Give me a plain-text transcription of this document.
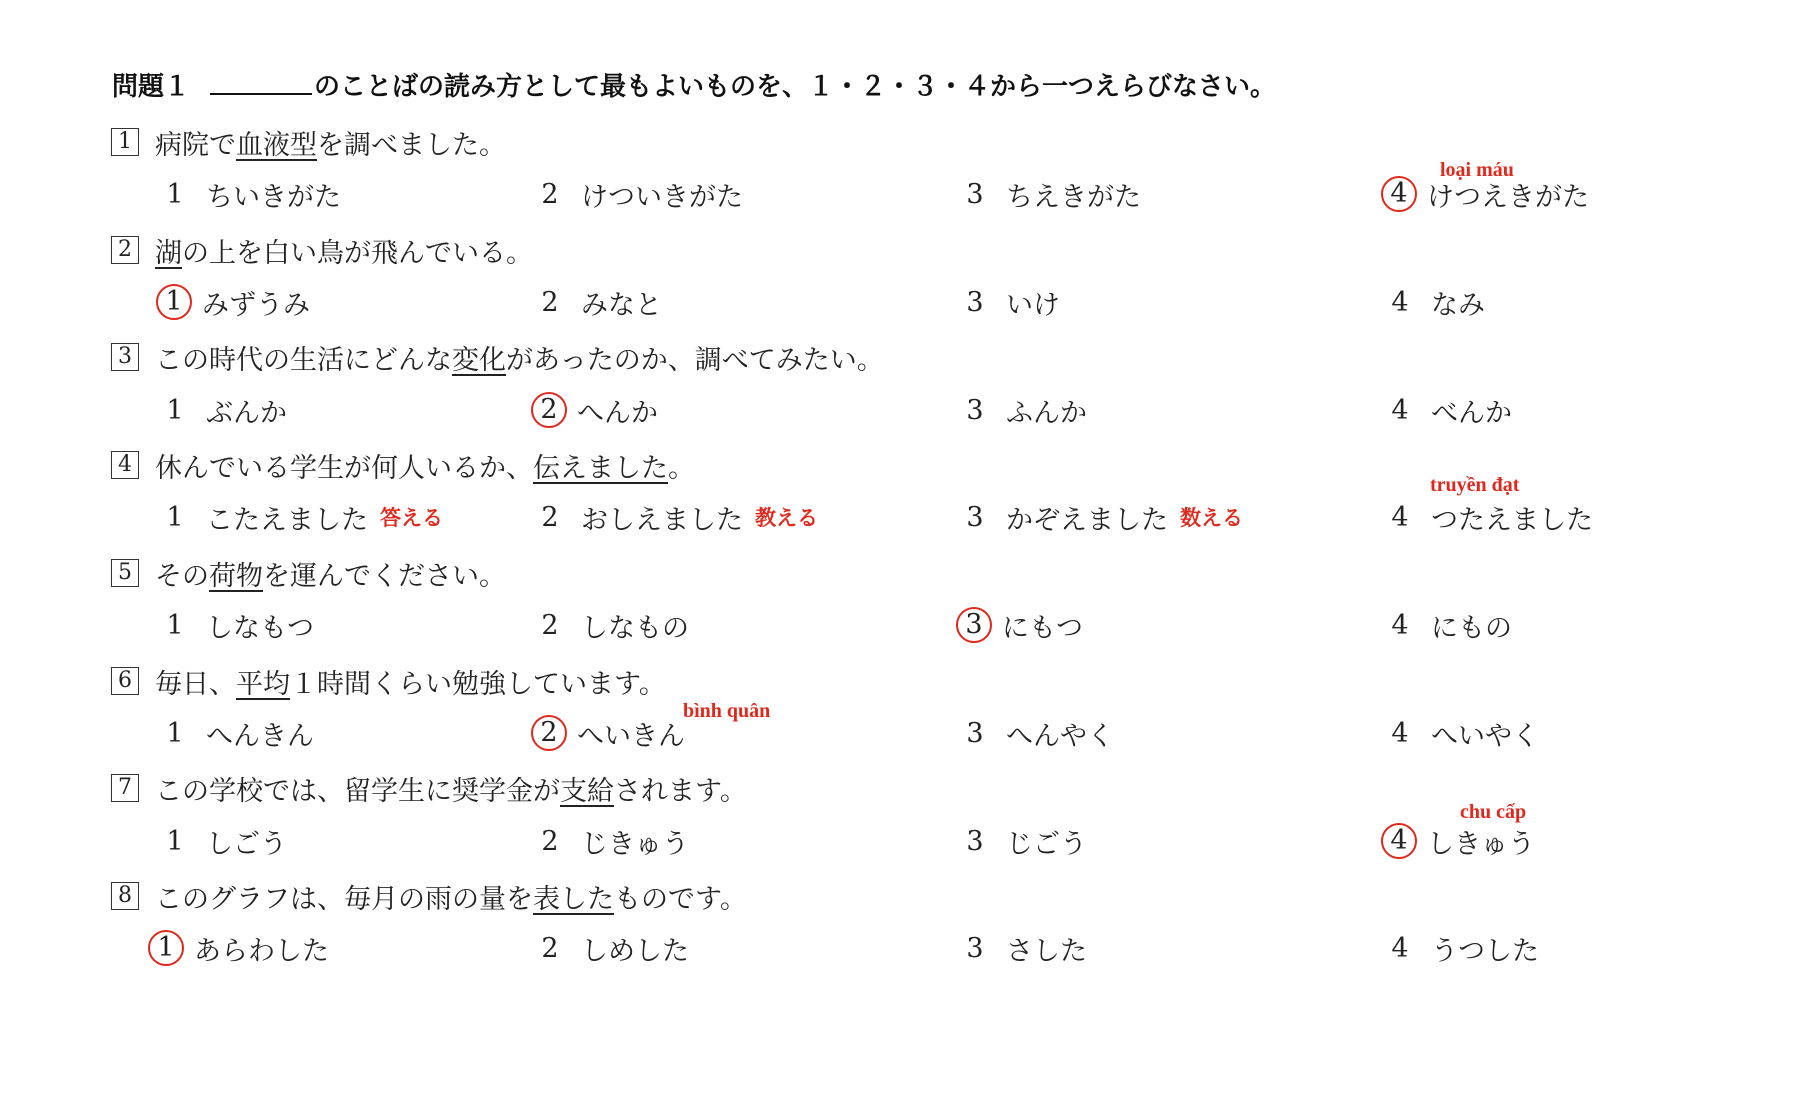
問題１	のことばの読み方として最もよいものを、１・２・３・４から一つえらびなさい。
1 病院で 血液型 を調べました。
1 ちいきがた	2 けついきがた	3 ちえきがた	4 けつえきがた
loại máu
2 湖 の上を白い鳥が飛んでいる。
1 みずうみ	2 みなと	3 いけ	4 なみ
3 この時代の生活にどんな 変化 があったのか、調べてみたい。
1 ぶんか	2 へんか	3 ふんか	4 べんか
4 休んでいる学生が何人いるか、 伝えました 。
1 こたえました 答える	2 おしえました 教える	3 かぞえました 数える	4 つたえました
truyền đạt
5 その 荷物 を運んでください。
1 しなもつ	2 しなもの	3 にもつ	4 にもの
6 毎日、 平均 １時間くらい勉強しています。
1 へんきん	2 へいきん	3 へんやく	4 へいやく
bình quân
7 この学校では、留学生に奨学金が 支給 されます。
1 しごう	2 じきゅう	3 じごう	4 しきゅう
chu cấp
8 このグラフは、毎月の雨の量を 表した ものです。
1 あらわした	2 しめした	3 さした	4 うつした
